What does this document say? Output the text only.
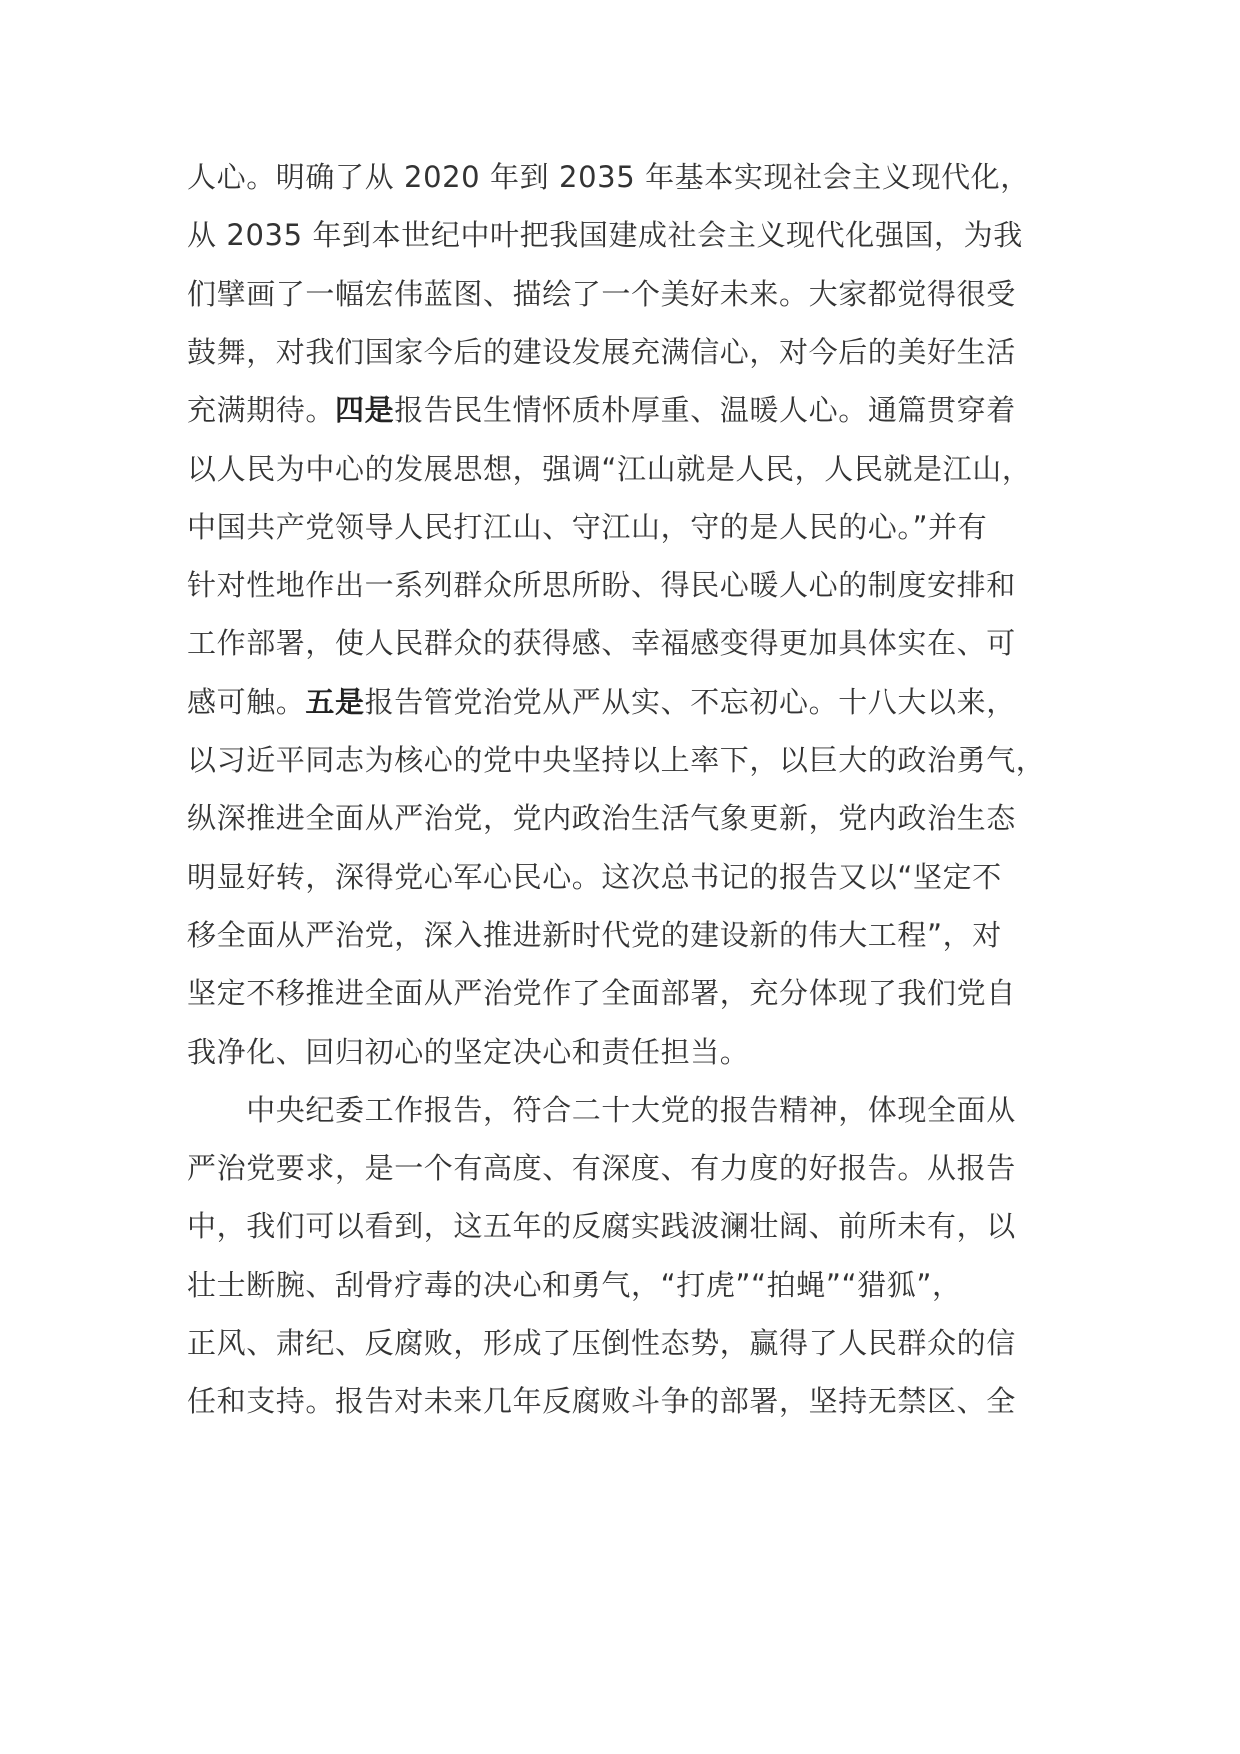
人心。明确了从 2020 年到 2035 年基本实现社会主义现代化，
从 2035 年到本世纪中叶把我国建成社会主义现代化强国，为我
们擘画了一幅宏伟蓝图、描绘了一个美好未来。大家都觉得很受
鼓舞，对我们国家今后的建设发展充满信心，对今后的美好生活
充满期待。四是报告民生情怀质朴厚重、温暖人心。通篇贯穿着
以人民为中心的发展思想，强调“江山就是人民，人民就是江山，
中国共产党领导人民打江山、守江山，守的是人民的心。”并有
针对性地作出一系列群众所思所盼、得民心暖人心的制度安排和
工作部署，使人民群众的获得感、幸福感变得更加具体实在、可
感可触。五是报告管党治党从严从实、不忘初心。十八大以来，
以习近平同志为核心的党中央坚持以上率下，以巨大的政治勇气，
纵深推进全面从严治党，党内政治生活气象更新，党内政治生态
明显好转，深得党心军心民心。这次总书记的报告又以“坚定不
移全面从严治党，深入推进新时代党的建设新的伟大工程”，对
坚定不移推进全面从严治党作了全面部署，充分体现了我们党自
我净化、回归初心的坚定决心和责任担当。
　　中央纪委工作报告，符合二十大党的报告精神，体现全面从
严治党要求，是一个有高度、有深度、有力度的好报告。从报告
中，我们可以看到，这五年的反腐实践波澜壮阔、前所未有，以
壮士断腕、刮骨疗毒的决心和勇气，“打虎”“拍蝇”“猎狐”，
正风、肃纪、反腐败，形成了压倒性态势，赢得了人民群众的信
任和支持。报告对未来几年反腐败斗争的部署，坚持无禁区、全
